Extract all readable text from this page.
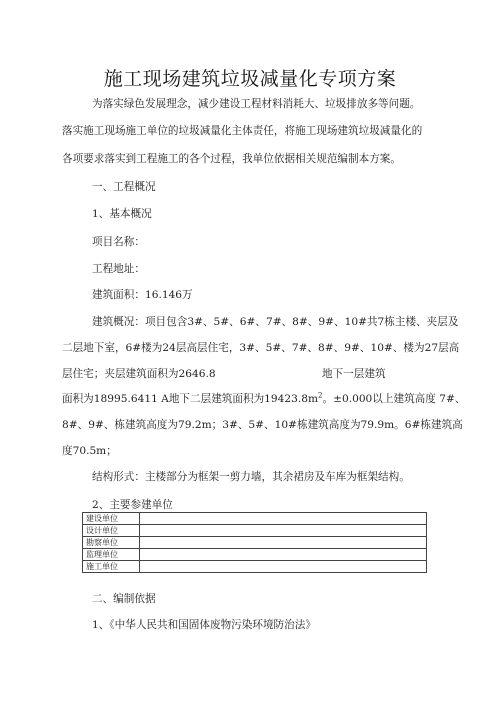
施工现场建筑垃圾减量化专项方案
为落实绿色发展理念，减少建设工程材料消耗大、垃圾排放多等问题。
落实施工现场施工单位的垃圾减量化主体责任，将施工现场建筑垃圾减量化的
各项要求落实到工程施工的各个过程，我单位依据相关规范编制本方案。
一、工程概况
1、基本概况
项目名称：
工程地址：
建筑面积：16.146万
建筑概况：项目包含3#、5#、6#、7#、8#、9#、10#共7栋主楼、夹层及
二层地下室，6#楼为24层高层住宅，3#、5#、7#、8#、9#、10#、楼为27层高
层住宅；夹层建筑面积为2646.8	地下一层建筑
面积为18995.6411 A地下二层建筑面积为$19423.8m^2$。±0.000以上建筑高度 7#、
8#、9#、栋建筑高度为79.2m；3#、5#、10#栋建筑高度为79.9m。6#栋建筑高
度70.5m；
结构形式：主楼部分为框架一剪力墙，其余裙房及车库为框架结构。
2、主要参建单位
建设单位	
设计单位	
勘察单位	
监理单位	
施工单位	
二、编制依据
1、《中华人民共和国固体废物污染环境防治法》
